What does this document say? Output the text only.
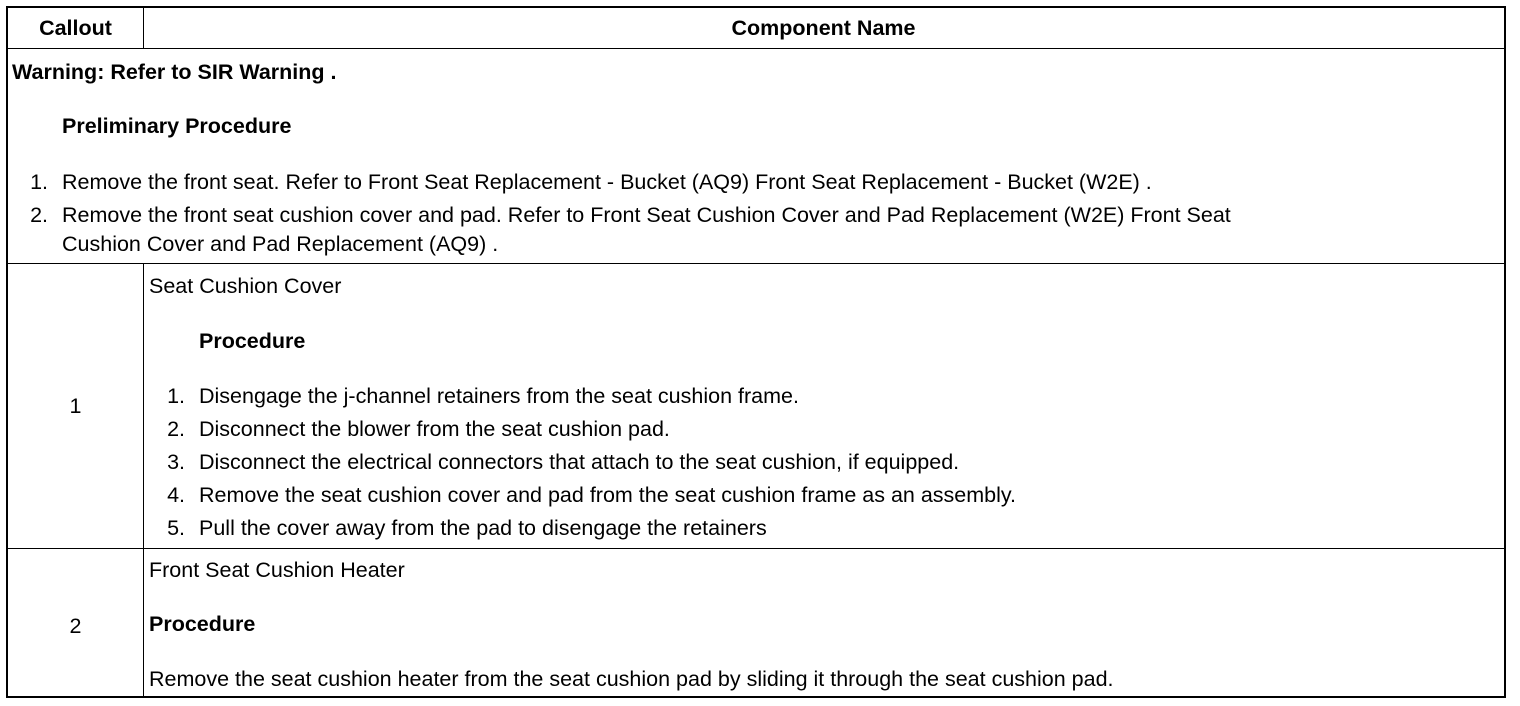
Callout	Component Name
Warning: Refer to SIR Warning .
Preliminary Procedure
1. Remove the front seat. Refer to Front Seat Replacement - Bucket (AQ9) Front Seat Replacement - Bucket (W2E) .
2. Remove the front seat cushion cover and pad. Refer to Front Seat Cushion Cover and Pad Replacement (W2E) Front Seat
Cushion Cover and Pad Replacement (AQ9) .
1
Seat Cushion Cover
Procedure
1. Disengage the j-channel retainers from the seat cushion frame.
2. Disconnect the blower from the seat cushion pad.
3. Disconnect the electrical connectors that attach to the seat cushion, if equipped.
4. Remove the seat cushion cover and pad from the seat cushion frame as an assembly.
5. Pull the cover away from the pad to disengage the retainers
2
Front Seat Cushion Heater
Procedure
Remove the seat cushion heater from the seat cushion pad by sliding it through the seat cushion pad.
